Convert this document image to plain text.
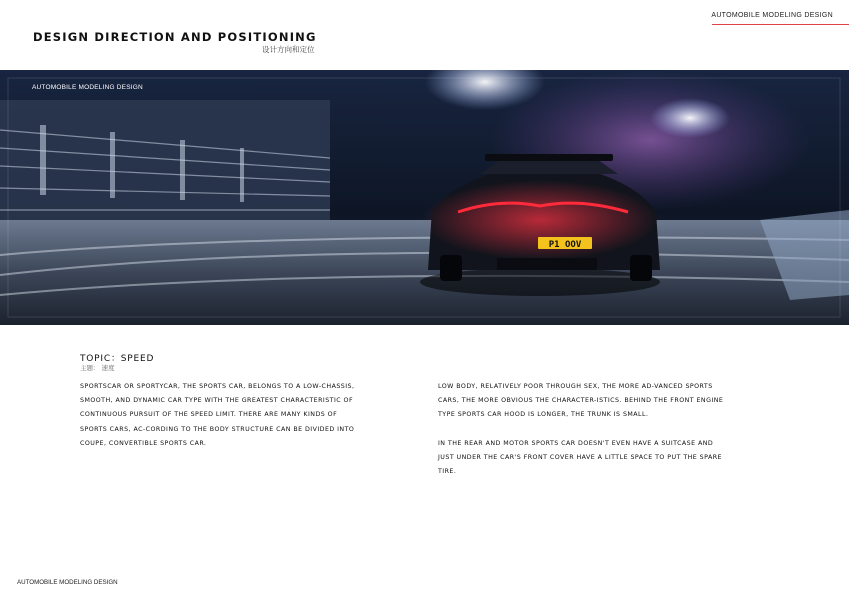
AUTOMOBILE MODELING DESIGN
DESIGN DIRECTION AND POSITIONING
设计方向和定位
P1 OOV
AUTOMOBILE MODELING DESIGN
TOPIC：SPEED
主题： 速度

SPORTSCAR OR SPORTYCAR, THE SPORTS CAR, BELONGS TO A LOW-CHASSIS, SMOOTH, AND DYNAMIC CAR TYPE WITH THE GREATEST CHARACTERISTIC OF CONTINUOUS PURSUIT OF THE SPEED LIMIT. THERE ARE MANY KINDS OF SPORTS CARS, AC-CORDING TO THE BODY STRUCTURE CAN BE DIVIDED INTO COUPE, CONVERTIBLE SPORTS CAR.

LOW BODY, RELATIVELY POOR THROUGH SEX, THE MORE AD-VANCED SPORTS CARS, THE MORE OBVIOUS THE CHARACTER-ISTICS. BEHIND THE FRONT ENGINE TYPE SPORTS CAR HOOD IS LONGER, THE TRUNK IS SMALL.

IN THE REAR AND MOTOR SPORTS CAR DOESN'T EVEN HAVE A SUITCASE AND JUST UNDER THE CAR'S FRONT COVER HAVE A LITTLE SPACE TO PUT THE SPARE TIRE.

AUTOMOBILE MODELING DESIGN
